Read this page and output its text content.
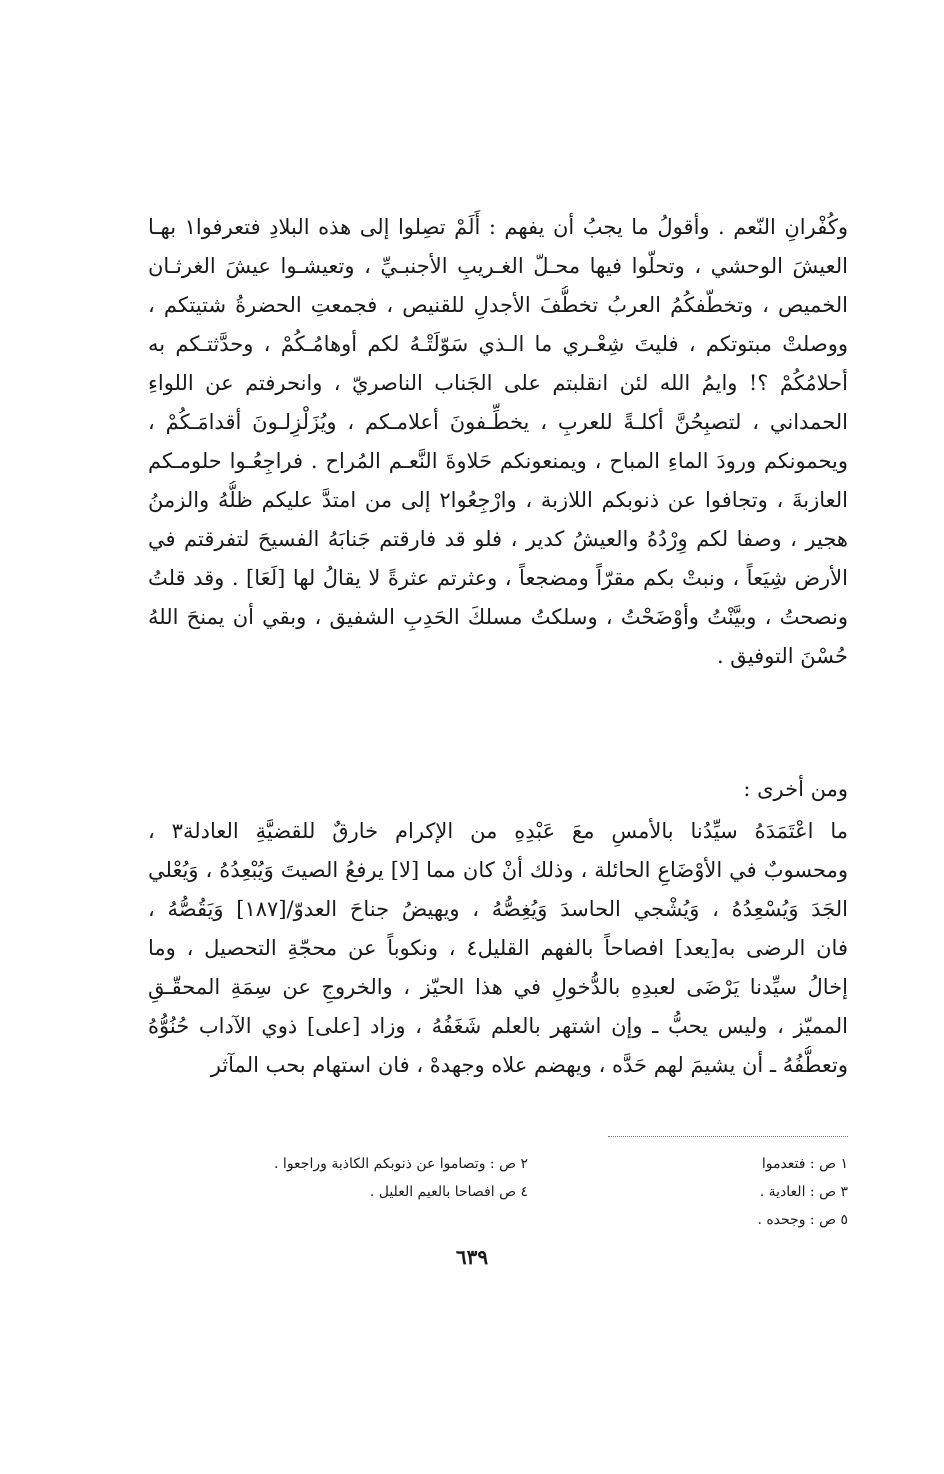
وكُفْرانِ النّعم . وأقولُ ما يجبُ أن يفهم : أَلَمْ تصِلوا إلى هذه البلادِ فتعرفوا١ بهـا
العيشَ الوحشي ، وتحلّوا فيها محـلّ الغـريبِ الأجنبـيِّ ، وتعيشـوا عيشَ الغرثـان
الخميص ، وتخطّفكُمُ العربُ تخطُّفَ الأجدلِ للقنيص ، فجمعتِ الحضرةُ شتيتكم ،
ووصلتْ مبتوتكم ، فليتَ شِعْـري ما الـذي سَوّلَتْـهُ لكم أوهامُـكُمْ ، وحدَّثتـكم به
أحلامُكُمْ ؟! وايمُ الله لئن انقلبتم على الجَناب الناصريّ ، وانحرفتم عن اللواءِ
الحمداني ، لتصبِحُنَّ أكلـةً للعربِ ، يخطِّـفونَ أعلامـكم ، ويُزَلْزِلـونَ أقدامَـكُمْ ،
ويحمونكم ورودَ الماءِ المباح ، ويمنعونكم حَلاوةَ النَّعـم المُراح . فراجِعُـوا حلومـكم
العازبةَ ، وتجافوا عن ذنوبكم اللازبة ، وارْجِعُوا٢ إلى من امتدَّ عليكم ظلُّهُ والزمنُ
هجير ، وصفا لكم وِرْدُهُ والعيشُ كدير ، فلو قد فارقتم جَنابَهُ الفسيحَ لتفرقتم في
الأرض شِيَعاً ، ونبتْ بكم مقرّاً ومضجعاً ، وعثرتم عثرةً لا يقالُ لها [لَعَا] . وقد قلتُ
ونصحتُ ، وبيَّنْتُ وأوْضَحْتُ ، وسلكتُ مسلكَ الحَدِبِ الشفيق ، وبقي أن يمنحَ اللهُ
حُسْنَ التوفيق .
ومن أخرى :
ما اعْتَمَدَهُ سيِّدُنا بالأمسِ معَ عَبْدِهِ من الإكرام خارقٌ للقضيَّةِ العادلة٣ ،
ومحسوبٌ في الأوْضَاعِ الحائلة ، وذلك أنْ كان مما [لا] يرفعُ الصيتَ وَيُبْعِدُهُ ، وَيُعْلي
الجَدَ وَيُسْعِدُهُ ، وَيُشْجي الحاسدَ وَيُغِصُّهُ ، ويهيضُ جناحَ العدوّ/[١٨٧] وَيَقُصُّهُ ،
فان الرضى به[يعد] افصاحاً بالفهم القليل٤ ، ونكوباً عن محجّةِ التحصيل ، وما
إخالُ سيِّدنا يَرْضَى لعبدِهِ بالدُّخولِ في هذا الحيّز ، والخروجِ عن سِمَةِ المحقّـقِ
المميّز ، وليس يحبُّ ـ وإن اشتهر بالعلم شَغَفُهُ ، وزاد [على] ذوي الآداب حُنُوُّهُ
وتعطُّفُهُ ـ أن يشيمَ لهم حَدَّه ، ويهضم علاه وجهدهْ ، فان استهام بحب المآثر
١ ص : فتعدموا
٢ ص : وتصاموا عن ذنوبكم الكاذبة وراجعوا .
٣ ص : العادية .
٤ ص افصاحا بالعيم العليل .
٥ ص : وجحده .
٦٣٩
